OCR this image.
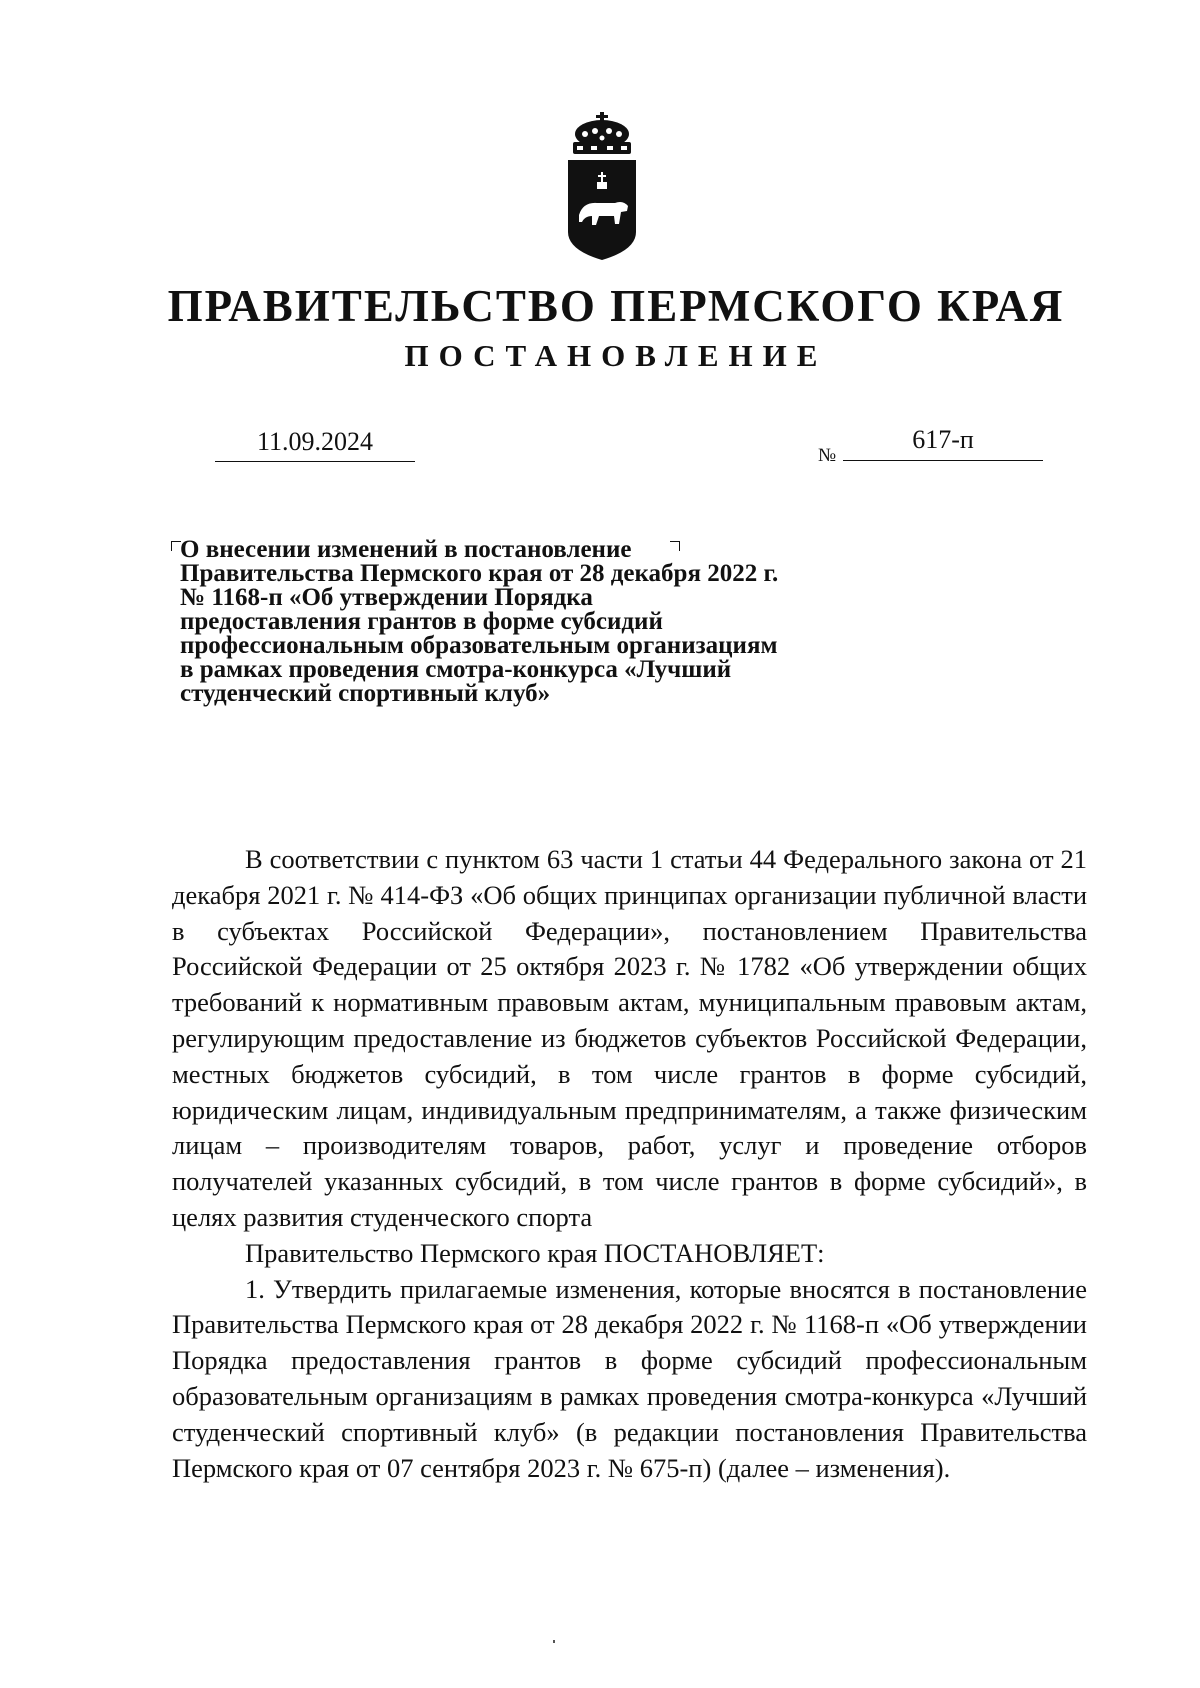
ПРАВИТЕЛЬСТВО ПЕРМСКОГО КРАЯ
ПОСТАНОВЛЕНИЕ
11.09.2024	№
617-п
О внесении изменений в постановление Правительства Пермского края от 28 декабря 2022 г. № 1168-п «Об утверждении Порядка предоставления грантов в форме субсидий профессиональным образовательным организациям в рамках проведения смотра-конкурса «Лучший студенческий спортивный клуб»

В соответствии с пунктом 63 части 1 статьи 44 Федерального закона от 21 декабря 2021 г. № 414-ФЗ «Об общих принципах организации публичной власти в субъектах Российской Федерации», постановлением Правительства Российской Федерации от 25 октября 2023 г. № 1782 «Об утверждении общих требований к нормативным правовым актам, муниципальным правовым актам, регулирующим предоставление из бюджетов субъектов Российской Федерации, местных бюджетов субсидий, в том числе грантов в форме субсидий, юридическим лицам, индивидуальным предпринимателям, а также физическим лицам – производителям товаров, работ, услуг и проведение отборов получателей указанных субсидий, в том числе грантов в форме субсидий», в целях развития студенческого спорта

Правительство Пермского края ПОСТАНОВЛЯЕТ:

1. Утвердить прилагаемые изменения, которые вносятся в постановление Правительства Пермского края от 28 декабря 2022 г. № 1168-п «Об утверждении Порядка предоставления грантов в форме субсидий профессиональным образовательным организациям в рамках проведения смотра-конкурса «Лучший студенческий спортивный клуб» (в редакции постановления Правительства Пермского края от 07 сентября 2023 г. № 675-п) (далее – изменения).
